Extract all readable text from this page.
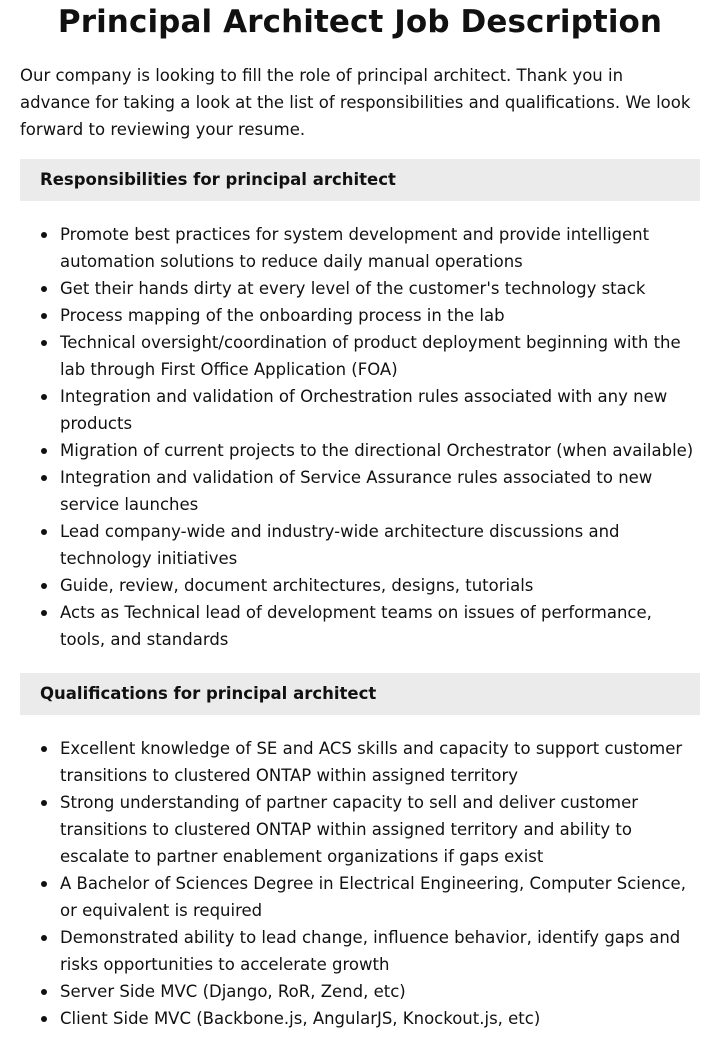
Principal Architect Job Description

Our company is looking to fill the role of principal architect. Thank you in advance for taking a look at the list of responsibilities and qualifications. We look forward to reviewing your resume.

Responsibilities for principal architect
Promote best practices for system development and provide intelligent automation solutions to reduce daily manual operations
Get their hands dirty at every level of the customer's technology stack
Process mapping of the onboarding process in the lab
Technical oversight/coordination of product deployment beginning with the lab through First Office Application (FOA)
Integration and validation of Orchestration rules associated with any new products
Migration of current projects to the directional Orchestrator (when available)
Integration and validation of Service Assurance rules associated to new service launches
Lead company-wide and industry-wide architecture discussions and technology initiatives
Guide, review, document architectures, designs, tutorials
Acts as Technical lead of development teams on issues of performance, tools, and standards
Qualifications for principal architect
Excellent knowledge of SE and ACS skills and capacity to support customer transitions to clustered ONTAP within assigned territory
Strong understanding of partner capacity to sell and deliver customer transitions to clustered ONTAP within assigned territory and ability to escalate to partner enablement organizations if gaps exist
A Bachelor of Sciences Degree in Electrical Engineering, Computer Science, or equivalent is required
Demonstrated ability to lead change, influence behavior, identify gaps and risks opportunities to accelerate growth
Server Side MVC (Django, RoR, Zend, etc)
Client Side MVC (Backbone.js, AngularJS, Knockout.js, etc)
